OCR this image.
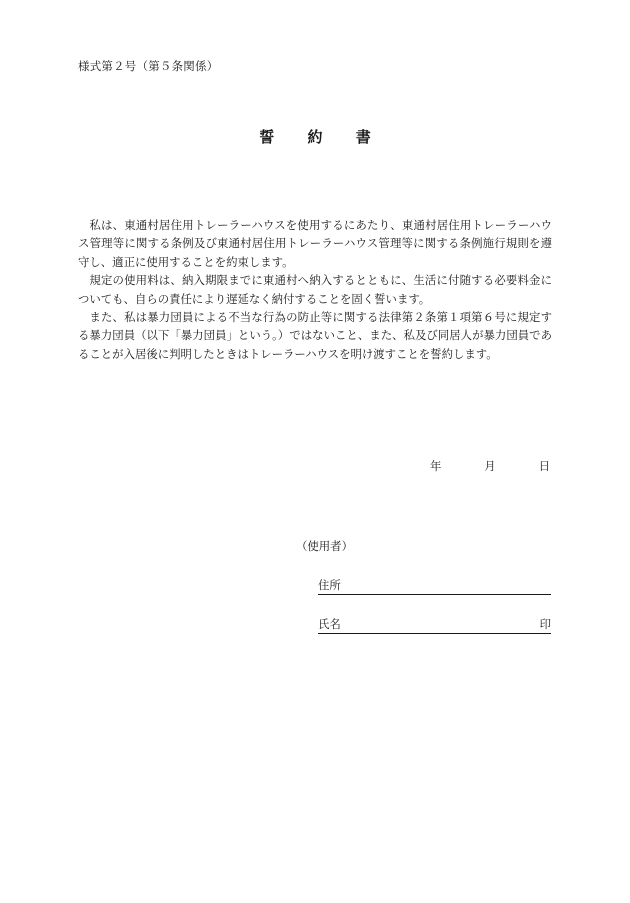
様式第２号（第５条関係）
誓 約 書

私は、東通村居住用トレーラーハウスを使用するにあたり、東通村居住用トレーラーハウス管理等に関する条例及び東通村居住用トレーラーハウス管理等に関する条例施行規則を遵守し、適正に使用することを約束します。

規定の使用料は、納入期限までに東通村へ納入するとともに、生活に付随する必要料金についても、自らの責任により遅延なく納付することを固く誓います。

また、私は暴力団員による不当な行為の防止等に関する法律第２条第１項第６号に規定する暴力団員（以下「暴力団員」という。）ではないこと、また、私及び同居人が暴力団員であることが入居後に判明したときはトレーラーハウスを明け渡すことを誓約します。

年	月	日
（使用者）
住所
氏名	印
